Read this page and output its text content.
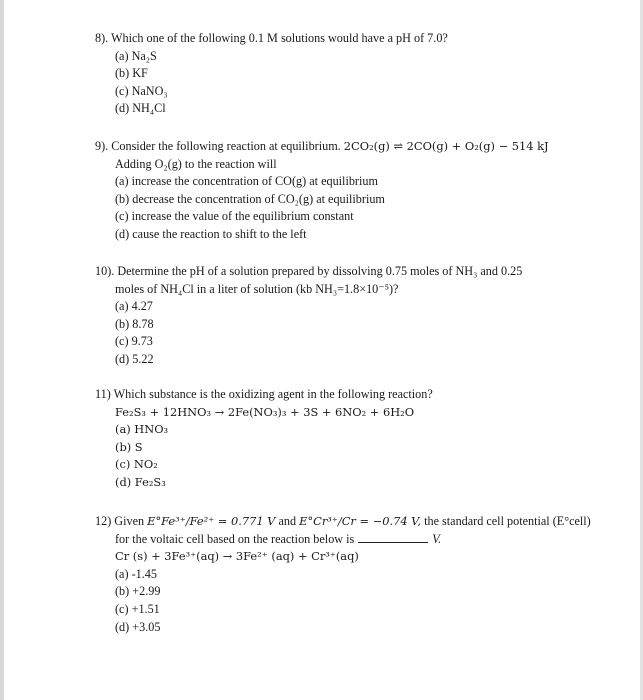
8). Which one of the following 0.1 M solutions would have a pH of 7.0?
(a) Na₂S
(b) KF
(c) NaNO₃
(d) NH₄Cl
9). Consider the following reaction at equilibrium. 2CO₂(g) ⇌ 2CO(g) + O₂(g) − 514 kJ
Adding O₂(g) to the reaction will
(a) increase the concentration of CO(g) at equilibrium
(b) decrease the concentration of CO₂(g) at equilibrium
(c) increase the value of the equilibrium constant
(d) cause the reaction to shift to the left
10). Determine the pH of a solution prepared by dissolving 0.75 moles of NH₃ and 0.25
moles of NH₄Cl in a liter of solution (kb NH₃=1.8×10⁻⁵)?
(a) 4.27
(b) 8.78
(c) 9.73
(d) 5.22
11) Which substance is the oxidizing agent in the following reaction?
Fe₂S₃ + 12HNO₃ → 2Fe(NO₃)₃ + 3S + 6NO₂ + 6H₂O
(a) HNO₃
(b) S
(c) NO₂
(d) Fe₂S₃
12) Given E°Fe³⁺/Fe²⁺ = 0.771 V and E°Cr³⁺/Cr = −0.74 V, the standard cell potential (E°cell)
for the voltaic cell based on the reaction below is	V.
Cr (s) + 3Fe³⁺(aq) → 3Fe²⁺ (aq) + Cr³⁺(aq)
(a) -1.45
(b) +2.99
(c) +1.51
(d) +3.05
